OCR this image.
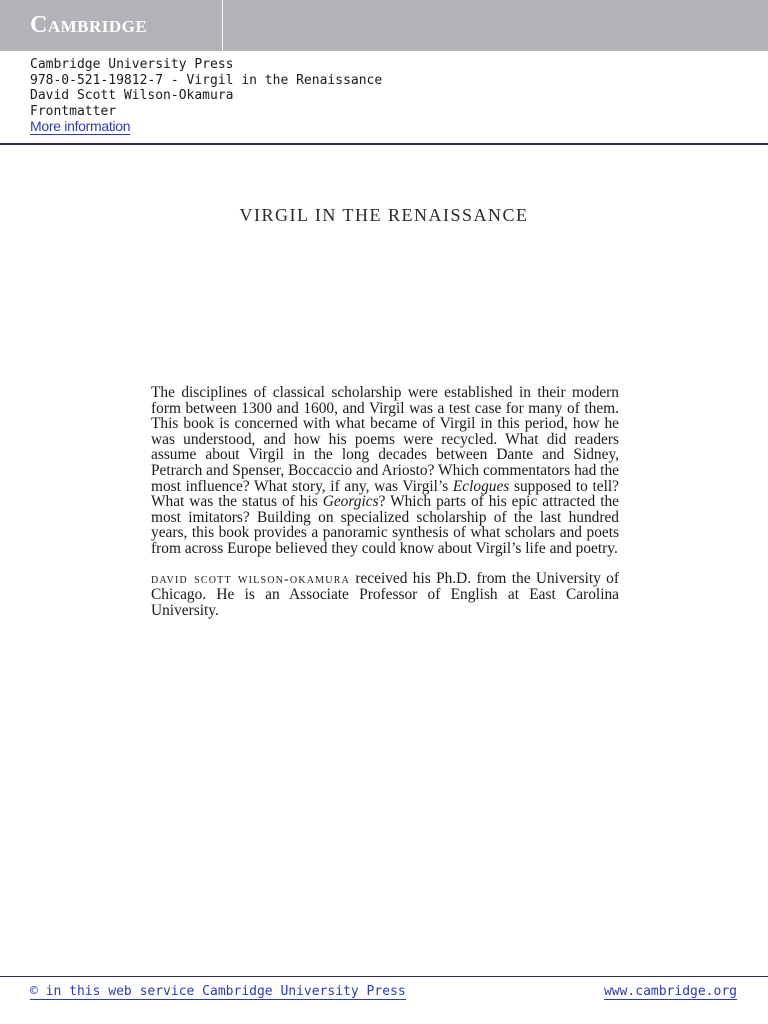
Cambridge
Cambridge University Press
978-0-521-19812-7 - Virgil in the Renaissance
David Scott Wilson-Okamura
Frontmatter
More information
VIRGIL IN THE RENAISSANCE

The disciplines of classical scholarship were established in their modern form between 1300 and 1600, and Virgil was a test case for many of them. This book is concerned with what became of Virgil in this period, how he was understood, and how his poems were recycled. What did readers assume about Virgil in the long decades between Dante and Sidney, Petrarch and Spenser, Boccaccio and Ariosto? Which commentators had the most influence? What story, if any, was Virgil’s Eclogues supposed to tell? What was the status of his Georgics? Which parts of his epic attracted the most imitators? Building on specialized scholarship of the last hundred years, this book provides a panoramic synthesis of what scholars and poets from across Europe believed they could know about Virgil’s life and poetry.

david scott wilson-okamura received his Ph.D. from the University of Chicago. He is an Associate Professor of English at East Carolina University.

© in this web service Cambridge University Press	www.cambridge.org
